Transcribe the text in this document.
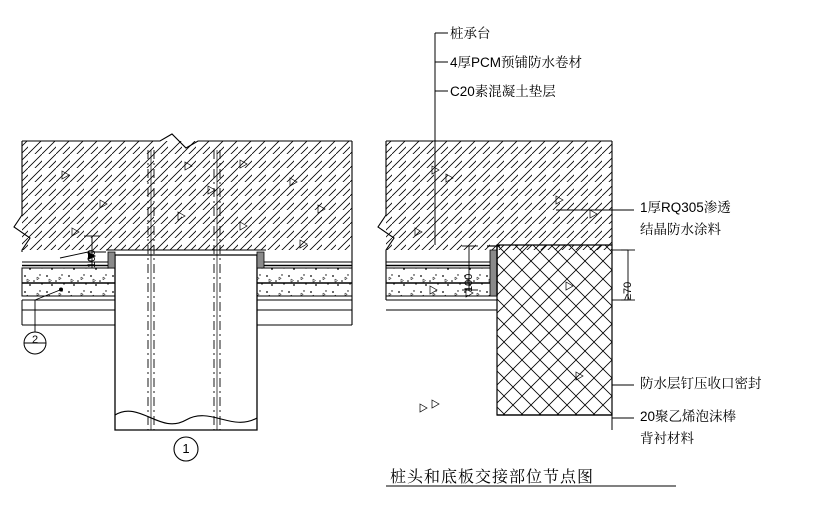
桩承台
4厚PCM预铺防水卷材
C20素混凝土垫层
1厚RQ305渗透
结晶防水涂料
防水层钉压收口密封
20聚乙烯泡沫棒
背衬材料
100
100	≥70
1
2
桩头和底板交接部位节点图
